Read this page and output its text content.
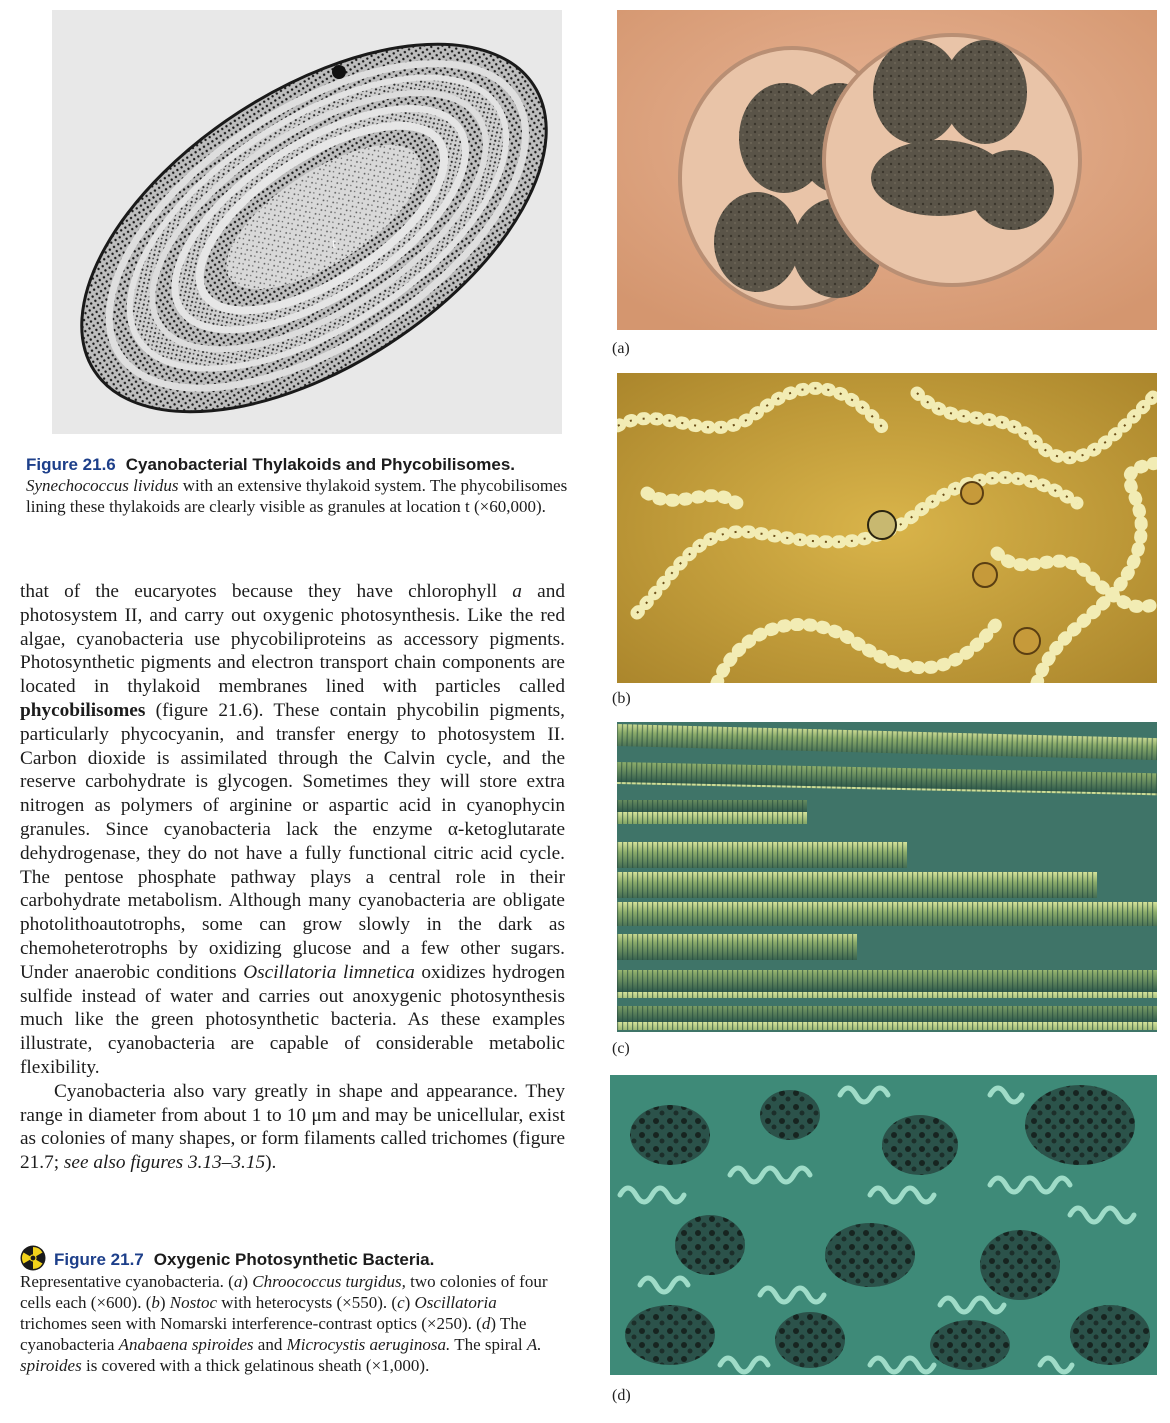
t
Figure 21.6 Cyanobacterial Thylakoids and Phycobilisomes.
Synechococcus lividus with an extensive thylakoid system. The phycobilisomes lining these thylakoids are clearly visible as granules at location t (×60,000).

that of the eucaryotes because they have chlorophyll a and photosystem II, and carry out oxygenic photosynthesis. Like the red algae, cyanobacteria use phycobiliproteins as accessory pigments. Photosynthetic pigments and electron transport chain components are located in thylakoid membranes lined with particles called phycobilisomes (figure 21.6). These contain phycobilin pigments, particularly phycocyanin, and transfer energy to photosystem II. Carbon dioxide is assimilated through the Calvin cycle, and the reserve carbohydrate is glycogen. Sometimes they will store extra nitrogen as polymers of arginine or aspartic acid in cyanophycin granules. Since cyanobacteria lack the enzyme α-ketoglutarate dehydrogenase, they do not have a fully functional citric acid cycle. The pentose phosphate pathway plays a central role in their carbohydrate metabolism. Although many cyanobacteria are obligate photolithoautotrophs, some can grow slowly in the dark as chemoheterotrophs by oxidizing glucose and a few other sugars. Under anaerobic conditions Oscillatoria limnetica oxidizes hydrogen sulfide instead of water and carries out anoxygenic photosynthesis much like the green photosynthetic bacteria. As these examples illustrate, cyanobacteria are capable of considerable metabolic flexibility.

Cyanobacteria also vary greatly in shape and appearance. They range in diameter from about 1 to 10 μm and may be unicellular, exist as colonies of many shapes, or form filaments called trichomes (figure 21.7; see also figures 3.13–3.15).

Figure 21.7 Oxygenic Photosynthetic Bacteria.
Representative cyanobacteria. (a) Chroococcus turgidus, two colonies of four cells each (×600). (b) Nostoc with heterocysts (×550). (c) Oscillatoria trichomes seen with Nomarski interference-contrast optics (×250). (d) The cyanobacteria Anabaena spiroides and Microcystis aeruginosa. The spiral A. spiroides is covered with a thick gelatinous sheath (×1,000).
(a)
(b)
(c)
(d)
